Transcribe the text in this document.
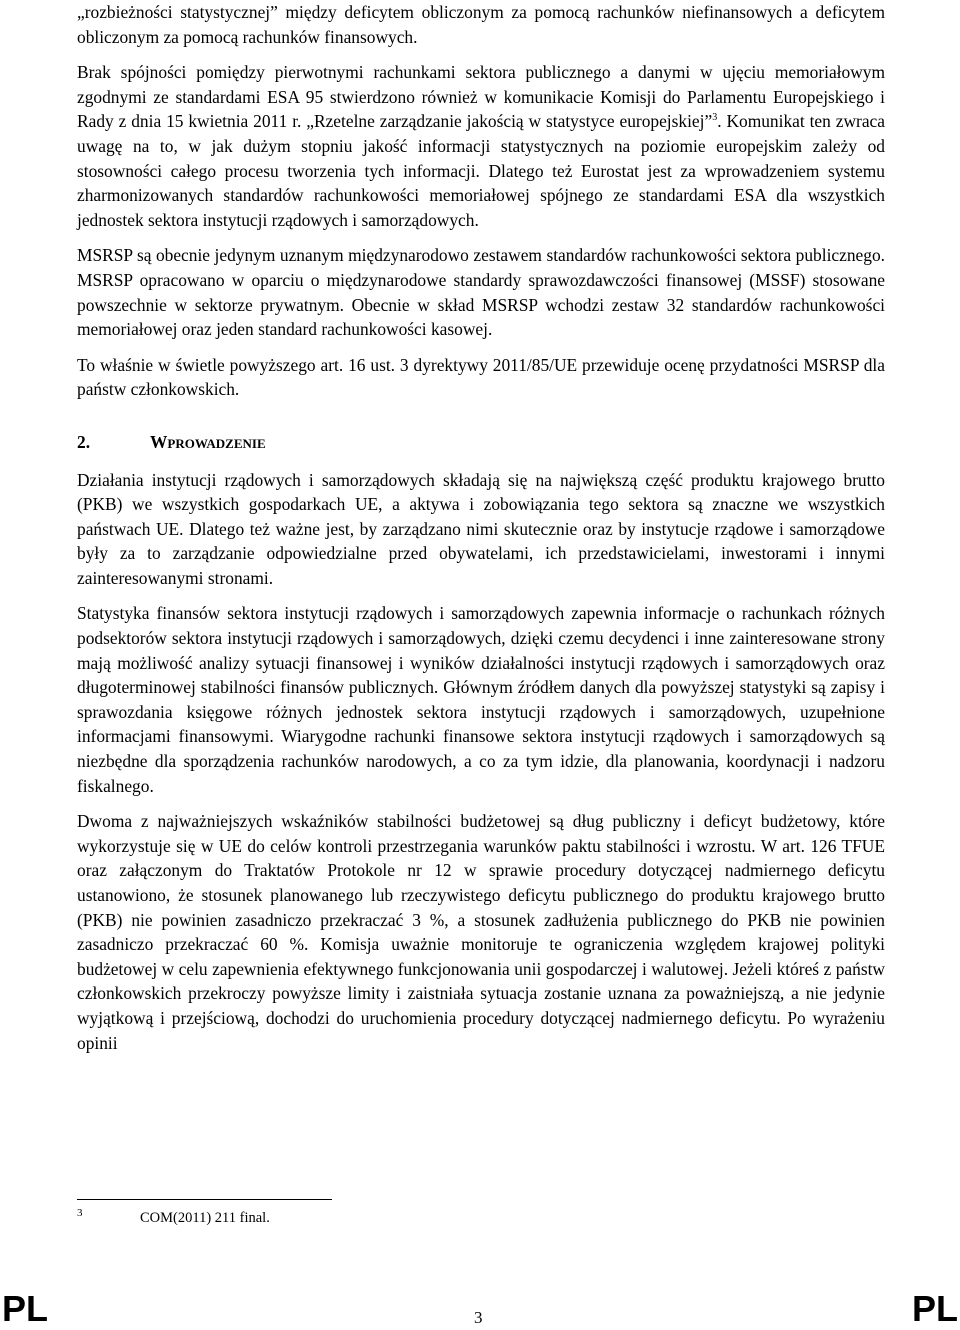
„rozbieżności statystycznej” między deficytem obliczonym za pomocą rachunków niefinansowych a deficytem obliczonym za pomocą rachunków finansowych.

Brak spójności pomiędzy pierwotnymi rachunkami sektora publicznego a danymi w ujęciu memoriałowym zgodnymi ze standardami ESA 95 stwierdzono również w komunikacie Komisji do Parlamentu Europejskiego i Rady z dnia 15 kwietnia 2011 r. „Rzetelne zarządzanie jakością w statystyce europejskiej”$^3$. Komunikat ten zwraca uwagę na to, w jak dużym stopniu jakość informacji statystycznych na poziomie europejskim zależy od stosowności całego procesu tworzenia tych informacji. Dlatego też Eurostat jest za wprowadzeniem systemu zharmonizowanych standardów rachunkowości memoriałowej spójnego ze standardami ESA dla wszystkich jednostek sektora instytucji rządowych i samorządowych.

MSRSP są obecnie jedynym uznanym międzynarodowo zestawem standardów rachunkowości sektora publicznego. MSRSP opracowano w oparciu o międzynarodowe standardy sprawozdawczości finansowej (MSSF) stosowane powszechnie w sektorze prywatnym. Obecnie w skład MSRSP wchodzi zestaw 32 standardów rachunkowości memoriałowej oraz jeden standard rachunkowości kasowej.

To właśnie w świetle powyższego art. 16 ust. 3 dyrektywy 2011/85/UE przewiduje ocenę przydatności MSRSP dla państw członkowskich.

2.	WPROWADZENIE

Działania instytucji rządowych i samorządowych składają się na największą część produktu krajowego brutto (PKB) we wszystkich gospodarkach UE, a aktywa i zobowiązania tego sektora są znaczne we wszystkich państwach UE. Dlatego też ważne jest, by zarządzano nimi skutecznie oraz by instytucje rządowe i samorządowe były za to zarządzanie odpowiedzialne przed obywatelami, ich przedstawicielami, inwestorami i innymi zainteresowanymi stronami.

Statystyka finansów sektora instytucji rządowych i samorządowych zapewnia informacje o rachunkach różnych podsektorów sektora instytucji rządowych i samorządowych, dzięki czemu decydenci i inne zainteresowane strony mają możliwość analizy sytuacji finansowej i wyników działalności instytucji rządowych i samorządowych oraz długoterminowej stabilności finansów publicznych. Głównym źródłem danych dla powyższej statystyki są zapisy i sprawozdania księgowe różnych jednostek sektora instytucji rządowych i samorządowych, uzupełnione informacjami finansowymi. Wiarygodne rachunki finansowe sektora instytucji rządowych i samorządowych są niezbędne dla sporządzenia rachunków narodowych, a co za tym idzie, dla planowania, koordynacji i nadzoru fiskalnego.

Dwoma z najważniejszych wskaźników stabilności budżetowej są dług publiczny i deficyt budżetowy, które wykorzystuje się w UE do celów kontroli przestrzegania warunków paktu stabilności i wzrostu. W art. 126 TFUE oraz załączonym do Traktatów Protokole nr 12 w sprawie procedury dotyczącej nadmiernego deficytu ustanowiono, że stosunek planowanego lub rzeczywistego deficytu publicznego do produktu krajowego brutto (PKB) nie powinien zasadniczo przekraczać 3 %, a stosunek zadłużenia publicznego do PKB nie powinien zasadniczo przekraczać 60 %. Komisja uważnie monitoruje te ograniczenia względem krajowej polityki budżetowej w celu zapewnienia efektywnego funkcjonowania unii gospodarczej i walutowej. Jeżeli któreś z państw członkowskich przekroczy powyższe limity i zaistniała sytuacja zostanie uznana za poważniejszą, a nie jedynie wyjątkową i przejściową, dochodzi do uruchomienia procedury dotyczącej nadmiernego deficytu. Po wyrażeniu opinii

3	COM(2011) 211 final.
PL	3	PL
